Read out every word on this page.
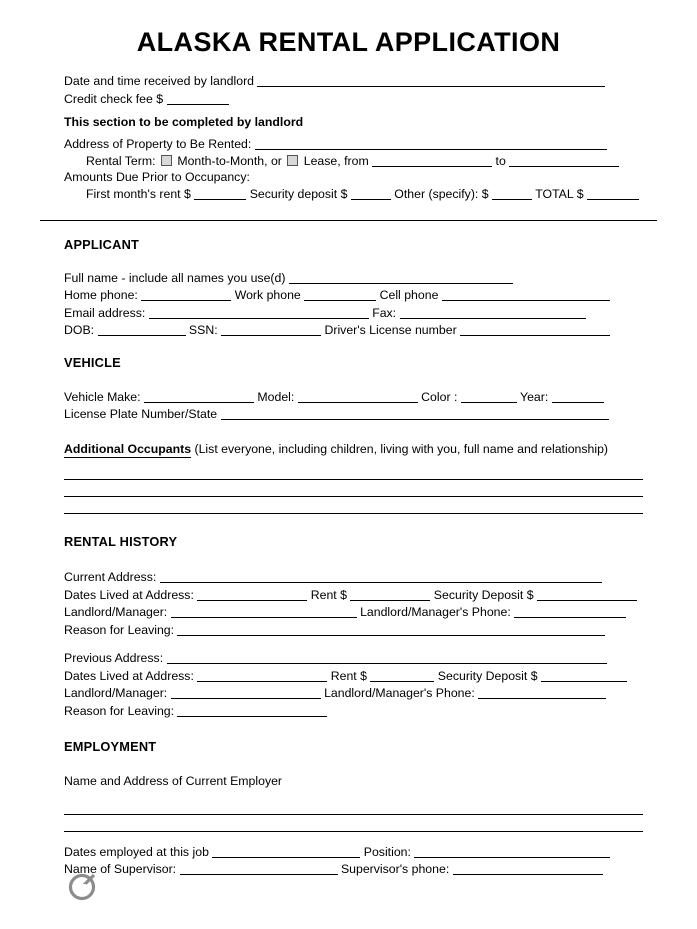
ALASKA RENTAL APPLICATION
Date and time received by landlord
Credit check fee $
This section to be completed by landlord
Address of Property to Be Rented:
Rental Term: Month-to-Month, or Lease, from	to
Amounts Due Prior to Occupancy:
First month's rent $	Security deposit $	Other (specify): $	TOTAL $
APPLICANT
Full name - include all names you use(d)
Home phone:	Work phone	Cell phone
Email address:	Fax:
DOB:	SSN:	Driver's License number
VEHICLE
Vehicle Make:	Model:	Color :	Year:
License Plate Number/State
Additional Occupants (List everyone, including children, living with you, full name and relationship)
RENTAL HISTORY
Current Address:
Dates Lived at Address:	Rent $	Security Deposit $
Landlord/Manager:	Landlord/Manager's Phone:
Reason for Leaving:
Previous Address:
Dates Lived at Address:	Rent $	Security Deposit $
Landlord/Manager:	Landlord/Manager's Phone:
Reason for Leaving:
EMPLOYMENT
Name and Address of Current Employer
Dates employed at this job	Position:
Name of Supervisor:	Supervisor's phone:
